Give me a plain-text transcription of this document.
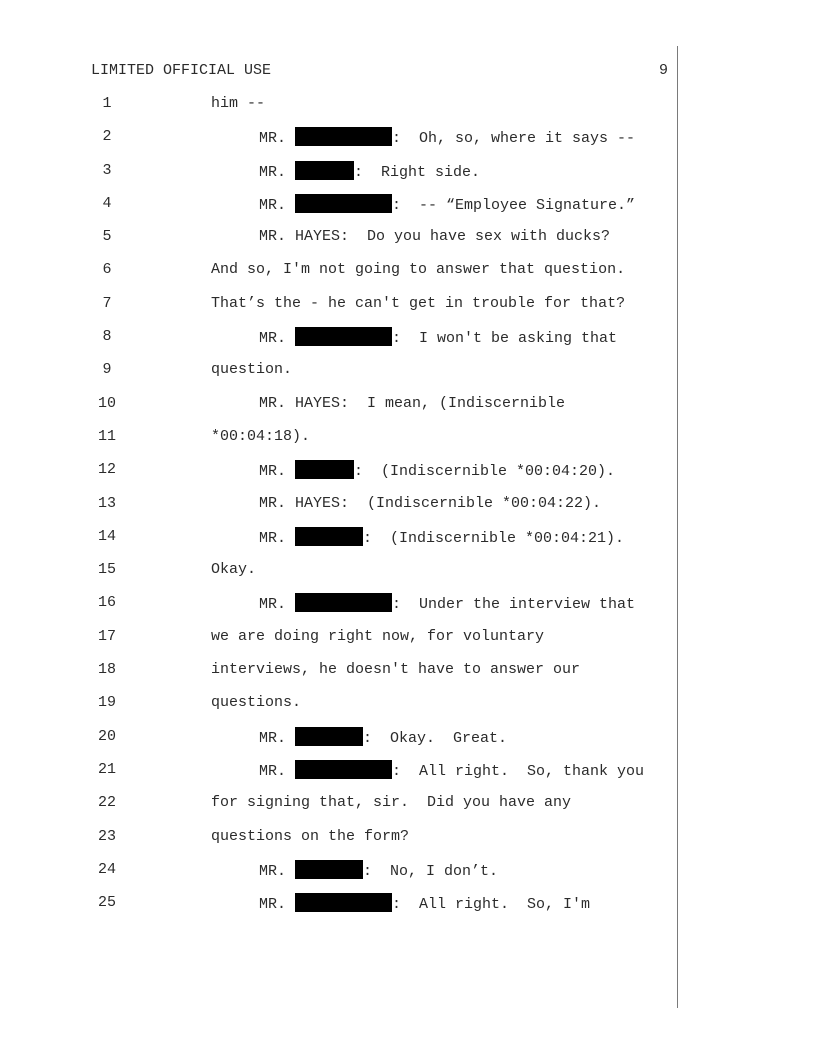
LIMITED OFFICIAL USE	9
1	him --
2	MR.	:  Oh, so, where it says --
3	MR.	:  Right side.
4	MR.	:  -- “Employee Signature.”
5	MR. HAYES:  Do you have sex with ducks?
6	And so, I'm not going to answer that question.
7	That’s the - he can't get in trouble for that?
8	MR.	:  I won't be asking that
9	question.
10	MR. HAYES:  I mean, (Indiscernible
11	*00:04:18).
12	MR.	:  (Indiscernible *00:04:20).
13	MR. HAYES:  (Indiscernible *00:04:22).
14	MR.	:  (Indiscernible *00:04:21).
15	Okay.
16	MR.	:  Under the interview that
17	we are doing right now, for voluntary
18	interviews, he doesn't have to answer our
19	questions.
20	MR.	:  Okay.  Great.
21	MR.	:  All right.  So, thank you
22	for signing that, sir.  Did you have any
23	questions on the form?
24	MR.	:  No, I don’t.
25	MR.	:  All right.  So, I'm
